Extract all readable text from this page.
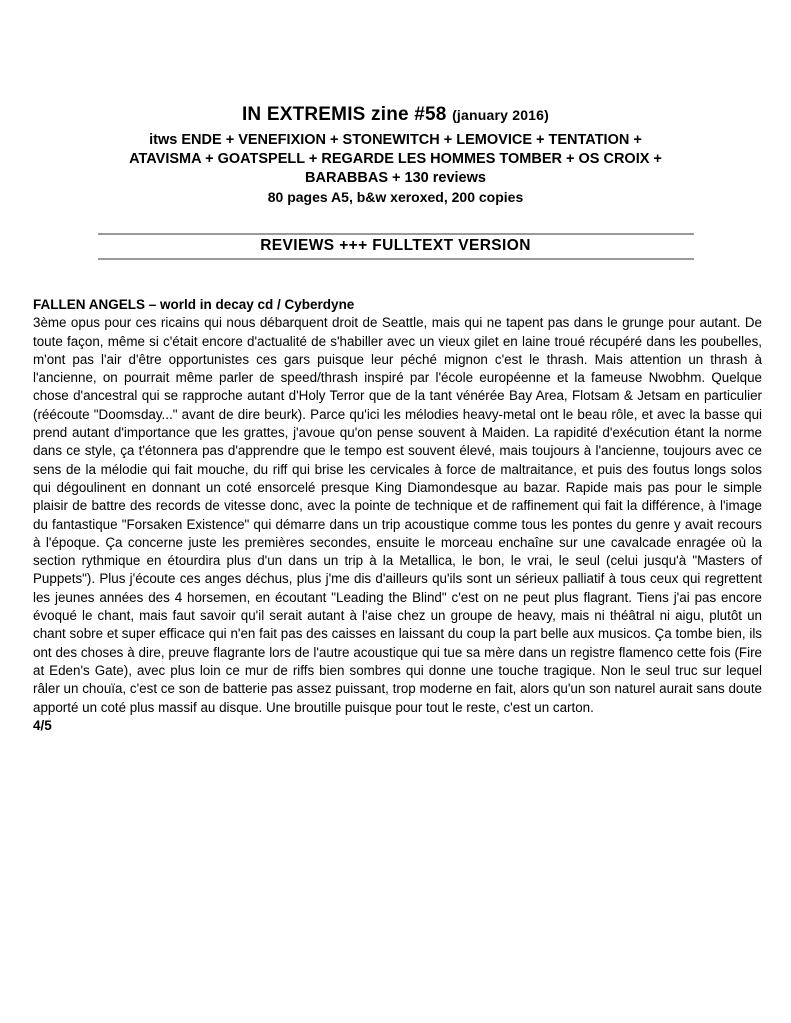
IN EXTREMIS zine #58 (january 2016)
itws ENDE + VENEFIXION + STONEWITCH + LEMOVICE + TENTATION +
ATAVISMA + GOATSPELL + REGARDE LES HOMMES TOMBER + OS CROIX +
BARABBAS + 130 reviews
80 pages A5, b&w xeroxed, 200 copies
REVIEWS +++ FULLTEXT VERSION

FALLEN ANGELS – world in decay cd / Cyberdyne

3ème opus pour ces ricains qui nous débarquent droit de Seattle, mais qui ne tapent pas dans le grunge pour autant. De toute façon, même si c'était encore d'actualité de s'habiller avec un vieux gilet en laine troué récupéré dans les poubelles, m'ont pas l'air d'être opportunistes ces gars puisque leur péché mignon c'est le thrash. Mais attention un thrash à l'ancienne, on pourrait même parler de speed/thrash inspiré par l'école européenne et la fameuse Nwobhm. Quelque chose d'ancestral qui se rapproche autant d'Holy Terror que de la tant vénérée Bay Area, Flotsam & Jetsam en particulier (réécoute "Doomsday..." avant de dire beurk). Parce qu'ici les mélodies heavy-metal ont le beau rôle, et avec la basse qui prend autant d'importance que les grattes, j'avoue qu'on pense souvent à Maiden. La rapidité d'exécution étant la norme dans ce style, ça t'étonnera pas d'apprendre que le tempo est souvent élevé, mais toujours à l'ancienne, toujours avec ce sens de la mélodie qui fait mouche, du riff qui brise les cervicales à force de maltraitance, et puis des foutus longs solos qui dégoulinent en donnant un coté ensorcelé presque King Diamondesque au bazar. Rapide mais pas pour le simple plaisir de battre des records de vitesse donc, avec la pointe de technique et de raffinement qui fait la différence, à l'image du fantastique "Forsaken Existence" qui démarre dans un trip acoustique comme tous les pontes du genre y avait recours à l'époque. Ça concerne juste les premières secondes, ensuite le morceau enchaîne sur une cavalcade enragée où la section rythmique en étourdira plus d'un dans un trip à la Metallica, le bon, le vrai, le seul (celui jusqu'à "Masters of Puppets"). Plus j'écoute ces anges déchus, plus j'me dis d'ailleurs qu'ils sont un sérieux palliatif à tous ceux qui regrettent les jeunes années des 4 horsemen, en écoutant "Leading the Blind" c'est on ne peut plus flagrant. Tiens j'ai pas encore évoqué le chant, mais faut savoir qu'il serait autant à l'aise chez un groupe de heavy, mais ni théâtral ni aigu, plutôt un chant sobre et super efficace qui n'en fait pas des caisses en laissant du coup la part belle aux musicos. Ça tombe bien, ils ont des choses à dire, preuve flagrante lors de l'autre acoustique qui tue sa mère dans un registre flamenco cette fois (Fire at Eden's Gate), avec plus loin ce mur de riffs bien sombres qui donne une touche tragique. Non le seul truc sur lequel râler un chouïa, c'est ce son de batterie pas assez puissant, trop moderne en fait, alors qu'un son naturel aurait sans doute apporté un coté plus massif au disque. Une broutille puisque pour tout le reste, c'est un carton.

4/5
